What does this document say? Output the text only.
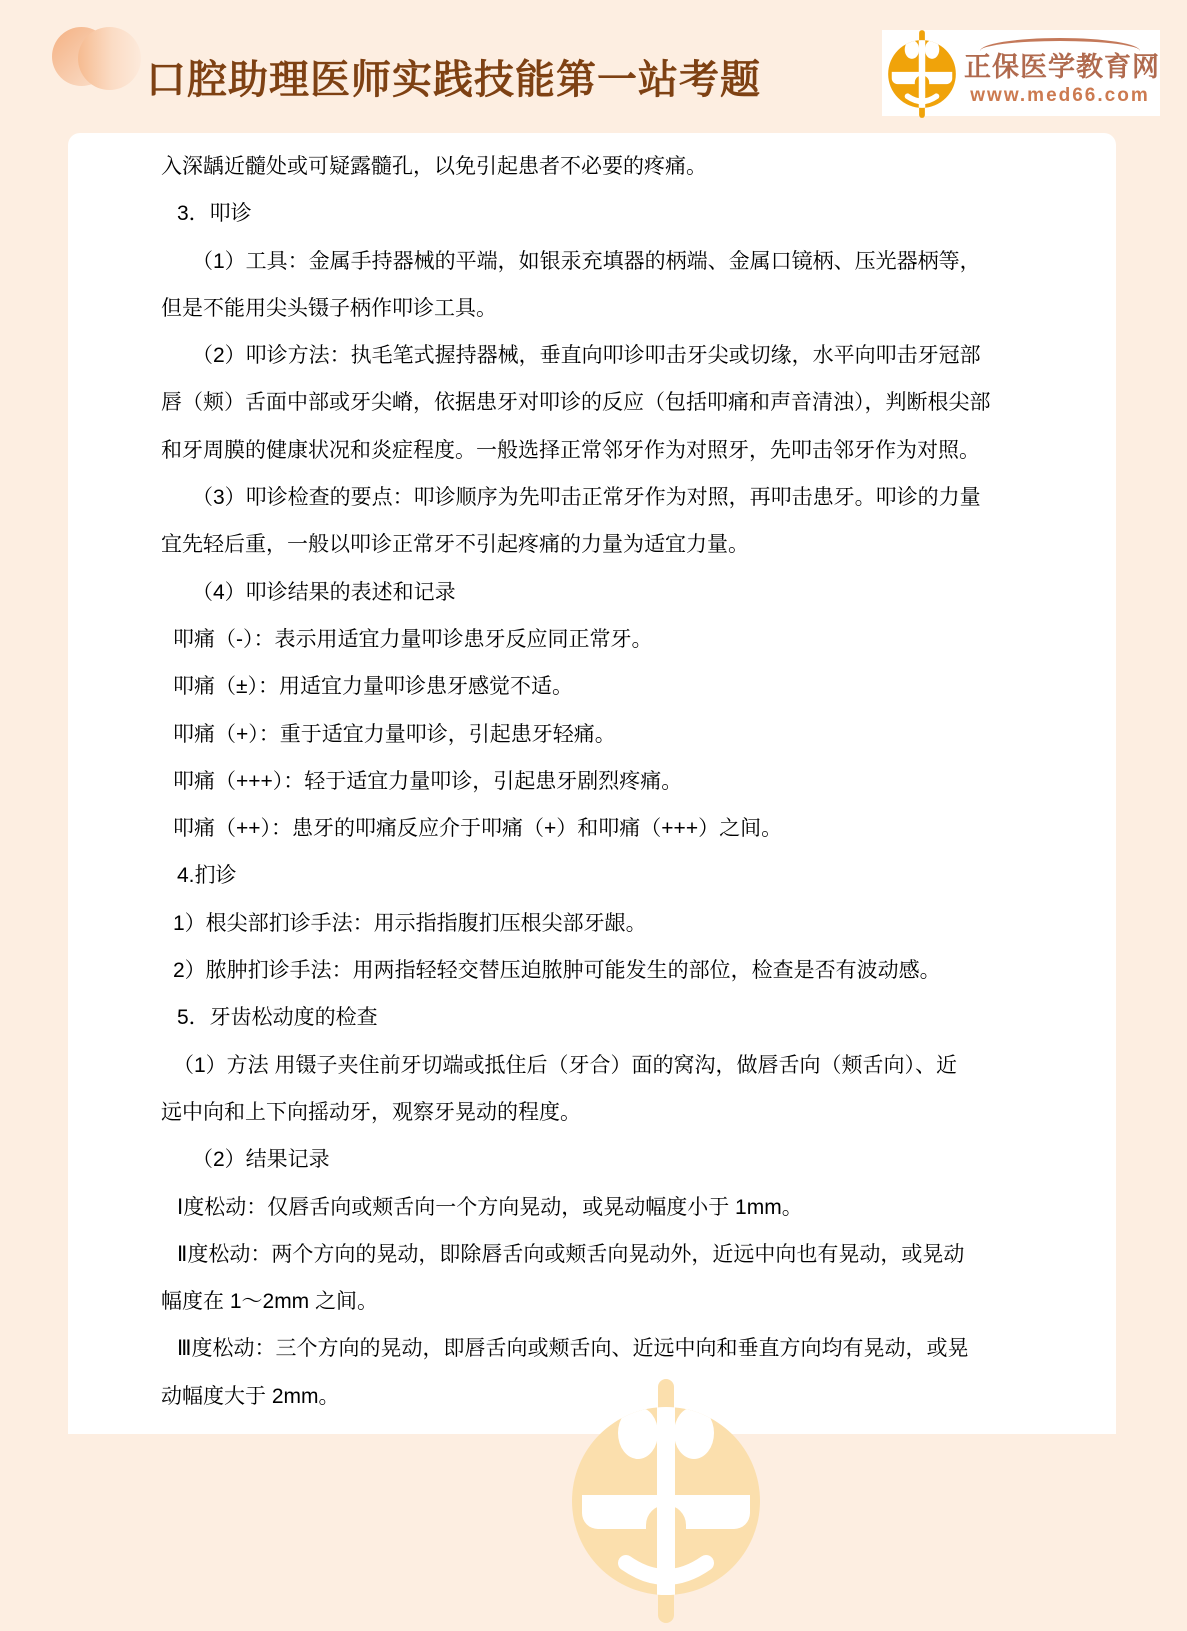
口腔助理医师实践技能第一站考题	正保医学教育网
www.med66.com
入深龋近髓处或可疑露髓孔，以免引起患者不必要的疼痛。
3．叩诊
（1）工具：金属手持器械的平端，如银汞充填器的柄端、金属口镜柄、压光器柄等，
但是不能用尖头镊子柄作叩诊工具。
（2）叩诊方法：执毛笔式握持器械，垂直向叩诊叩击牙尖或切缘，水平向叩击牙冠部
唇（颊）舌面中部或牙尖嵴，依据患牙对叩诊的反应（包括叩痛和声音清浊），判断根尖部
和牙周膜的健康状况和炎症程度。一般选择正常邻牙作为对照牙，先叩击邻牙作为对照。
（3）叩诊检查的要点：叩诊顺序为先叩击正常牙作为对照，再叩击患牙。叩诊的力量
宜先轻后重，一般以叩诊正常牙不引起疼痛的力量为适宜力量。
（4）叩诊结果的表述和记录
叩痛（-）：表示用适宜力量叩诊患牙反应同正常牙。
叩痛（±）：用适宜力量叩诊患牙感觉不适。
叩痛（+）：重于适宜力量叩诊，引起患牙轻痛。
叩痛（+++）：轻于适宜力量叩诊，引起患牙剧烈疼痛。
叩痛（++）：患牙的叩痛反应介于叩痛（+）和叩痛（+++）之间。
4.扪诊
1）根尖部扪诊手法：用示指指腹扪压根尖部牙龈。
2）脓肿扪诊手法：用两指轻轻交替压迫脓肿可能发生的部位，检查是否有波动感。
5．牙齿松动度的检查
（1）方法 用镊子夹住前牙切端或抵住后（牙合）面的窝沟，做唇舌向（颊舌向）、近
远中向和上下向摇动牙，观察牙晃动的程度。
（2）结果记录
Ⅰ度松动：仅唇舌向或颊舌向一个方向晃动，或晃动幅度小于 1mm。
Ⅱ度松动：两个方向的晃动，即除唇舌向或颊舌向晃动外，近远中向也有晃动，或晃动
幅度在 1～2mm 之间。
Ⅲ度松动：三个方向的晃动，即唇舌向或颊舌向、近远中向和垂直方向均有晃动，或晃
动幅度大于 2mm。
